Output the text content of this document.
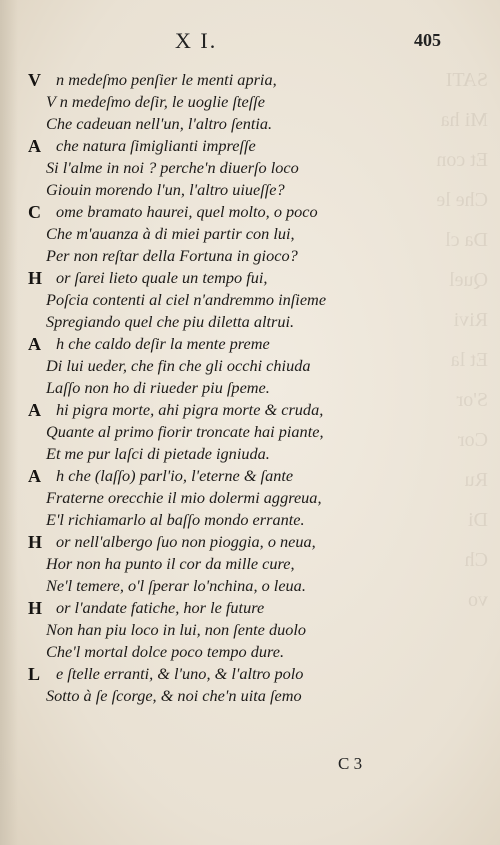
SATI
Mi ha
Et con
Che le
Da cl
Quel
Rivi
Et la
S'or
Cor
Ru
Di
Ch
vo
X I.	405
V n medeſmo penſier le menti apria,
V n medeſmo deſir, le uoglie ſteſſe
Che cadeuan nell'un, l'altro ſentia.
A che natura ſimiglianti impreſſe
Si l'alme in noi ? perche'n diuerſo loco
Giouin morendo l'un, l'altro uiueſſe?
C ome bramato haurei, quel molto, o poco
Che m'auanza à di miei partir con lui,
Per non reſtar della Fortuna in gioco?
H or ſarei lieto quale un tempo fui,
Poſcia contenti al ciel n'andremmo inſieme
Spregiando quel che piu diletta altrui.
A h che caldo deſir la mente preme
Di lui ueder, che fin che gli occhi chiuda
Laſſo non ho di riueder piu ſpeme.
A hi pigra morte, ahi pigra morte & cruda,
Quante al primo fiorir troncate hai piante,
Et me pur laſci di pietade igniuda.
A h che (laſſo) parl'io, l'eterne & ſante
Fraterne orecchie il mio dolermi aggreua,
E'l richiamarlo al baſſo mondo errante.
H or nell'albergo ſuo non pioggia, o neua,
Hor non ha punto il cor da mille cure,
Ne'l temere, o'l ſperar lo'nchina, o leua.
H or l'andate fatiche, hor le future
Non han piu loco in lui, non ſente duolo
Che'l mortal dolce poco tempo dure.
L e ſtelle erranti, & l'uno, & l'altro polo
Sotto à ſe ſcorge, & noi che'n uita ſemo
C 3
